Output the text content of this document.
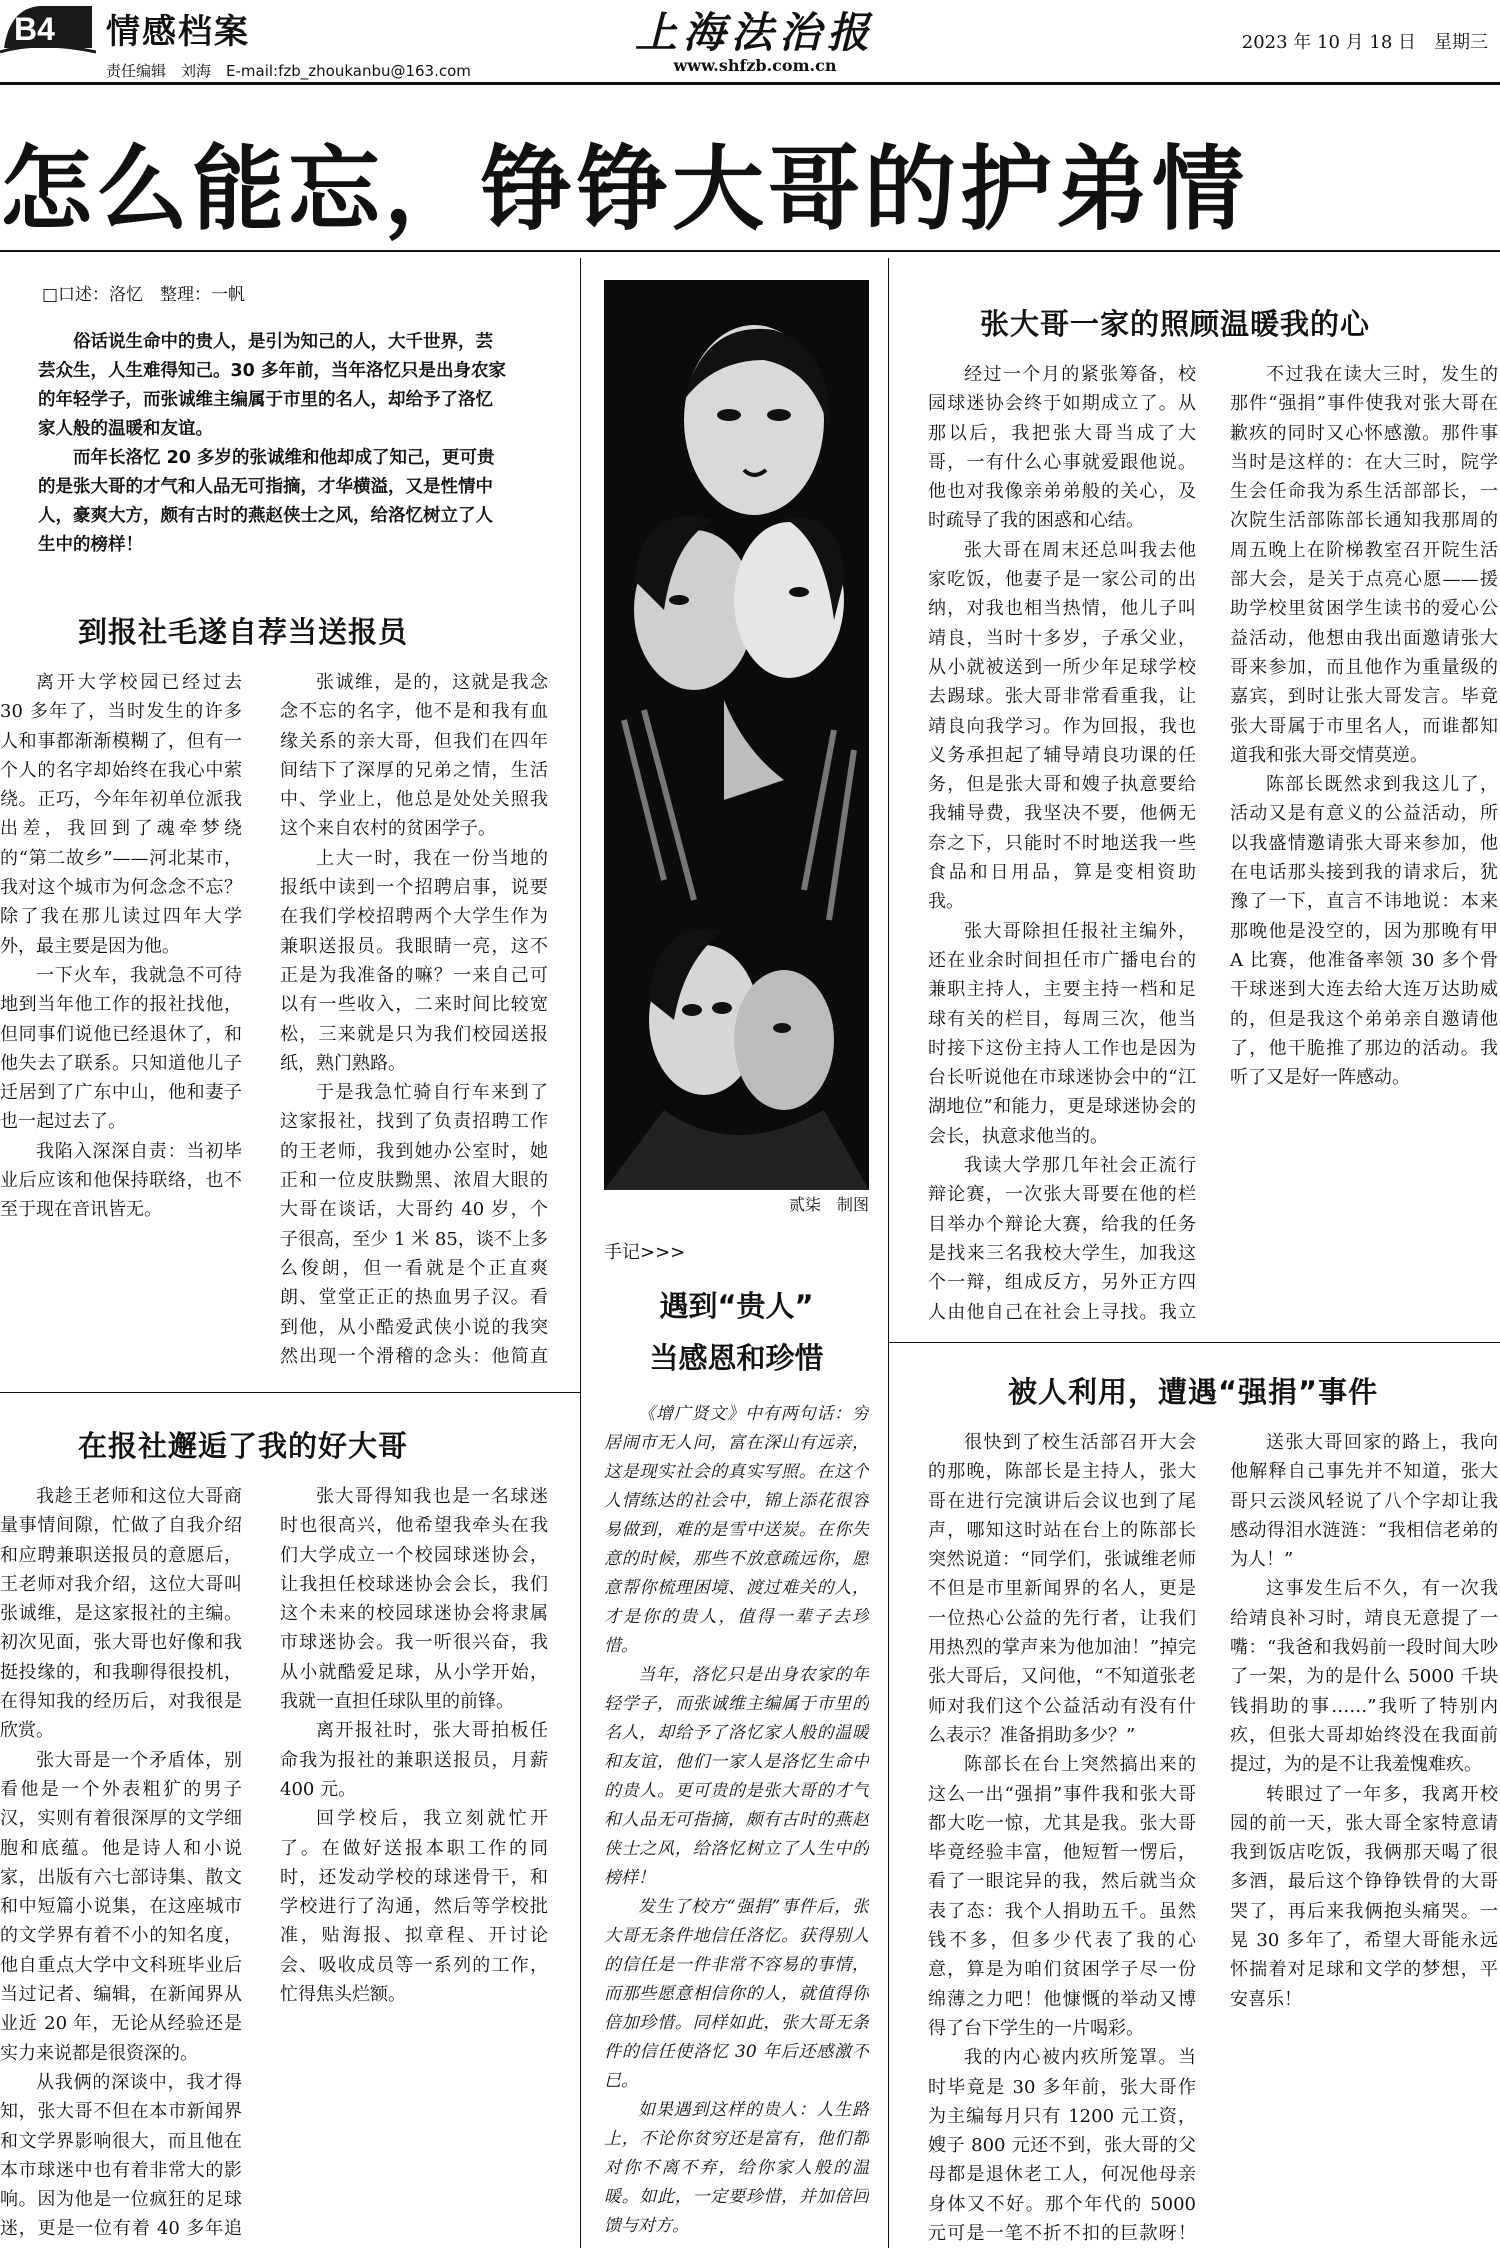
B4 情感档案
责任编辑　刘海　E-mail:fzb_zhoukanbu@163.com
上海法治报
www.shfzb.com.cn
2023 年 10 月 18 日　星期三
怎么能忘，铮铮大哥的护弟情
□口述：洛忆　整理：一帆

俗话说生命中的贵人，是引为知己的人，大千世界，芸芸众生，人生难得知己。30 多年前，当年洛忆只是出身农家的年轻学子，而张诚维主编属于市里的名人，却给予了洛忆家人般的温暖和友谊。

而年长洛忆 20 多岁的张诚维和他却成了知己，更可贵的是张大哥的才气和人品无可指摘，才华横溢，又是性情中人，豪爽大方，颇有古时的燕赵侠士之风，给洛忆树立了人生中的榜样！

到报社毛遂自荐当送报员

离开大学校园已经过去 30 多年了，当时发生的许多人和事都渐渐模糊了，但有一个人的名字却始终在我心中萦绕。正巧，今年年初单位派我出差，我回到了魂牵梦绕的“第二故乡”——河北某市，我对这个城市为何念念不忘？除了我在那儿读过四年大学外，最主要是因为他。

一下火车，我就急不可待地到当年他工作的报社找他，但同事们说他已经退休了，和他失去了联系。只知道他儿子迁居到了广东中山，他和妻子也一起过去了。

我陷入深深自责：当初毕业后应该和他保持联络，也不至于现在音讯皆无。

张诚维，是的，这就是我念念不忘的名字，他不是和我有血缘关系的亲大哥，但我们在四年间结下了深厚的兄弟之情，生活中、学业上，他总是处处关照我这个来自农村的贫困学子。

上大一时，我在一份当地的报纸中读到一个招聘启事，说要在我们学校招聘两个大学生作为兼职送报员。我眼睛一亮，这不正是为我准备的嘛？一来自己可以有一些收入，二来时间比较宽松，三来就是只为我们校园送报纸，熟门熟路。

于是我急忙骑自行车来到了这家报社，找到了负责招聘工作的王老师，我到她办公室时，她正和一位皮肤黝黑、浓眉大眼的大哥在谈话，大哥约 40 岁，个子很高，至少 1 米 85，谈不上多么俊朗，但一看就是个正直爽朗、堂堂正正的热血男子汉。看到他，从小酷爱武侠小说的我突然出现一个滑稽的念头：他简直

在报社邂逅了我的好大哥

我趁王老师和这位大哥商量事情间隙，忙做了自我介绍和应聘兼职送报员的意愿后，王老师对我介绍，这位大哥叫张诚维，是这家报社的主编。初次见面，张大哥也好像和我挺投缘的，和我聊得很投机，在得知我的经历后，对我很是欣赏。

张大哥是一个矛盾体，别看他是一个外表粗犷的男子汉，实则有着很深厚的文学细胞和底蕴。他是诗人和小说家，出版有六七部诗集、散文和中短篇小说集，在这座城市的文学界有着不小的知名度，他自重点大学中文科班毕业后当过记者、编辑，在新闻界从业近 20 年，无论从经验还是实力来说都是很资深的。

从我俩的深谈中，我才得知，张大哥不但在本市新闻界和文学界影响很大，而且他在本市球迷中也有着非常大的影响。因为他是一位疯狂的足球迷，更是一位有着 40 多年追

张大哥得知我也是一名球迷时也很高兴，他希望我牵头在我们大学成立一个校园球迷协会，让我担任校球迷协会会长，我们这个未来的校园球迷协会将隶属市球迷协会。我一听很兴奋，我从小就酷爱足球，从小学开始，我就一直担任球队里的前锋。

离开报社时，张大哥拍板任命我为报社的兼职送报员，月薪 400 元。

回学校后，我立刻就忙开了。在做好送报本职工作的同时，还发动学校的球迷骨干，和学校进行了沟通，然后等学校批准，贴海报、拟章程、开讨论会、吸收成员等一系列的工作，忙得焦头烂额。

贰柒　制图
手记>>>
遇到“贵人”
当感恩和珍惜

《增广贤文》中有两句话：穷居闹市无人问，富在深山有远亲，这是现实社会的真实写照。在这个人情练达的社会中，锦上添花很容易做到，难的是雪中送炭。在你失意的时候，那些不放意疏远你，愿意帮你梳理困境、渡过难关的人，才是你的贵人，值得一辈子去珍惜。

当年，洛忆只是出身农家的年轻学子，而张诚维主编属于市里的名人，却给予了洛忆家人般的温暖和友谊，他们一家人是洛忆生命中的贵人。更可贵的是张大哥的才气和人品无可指摘，颇有古时的燕赵侠士之风，给洛忆树立了人生中的榜样！

发生了校方“强捐”事件后，张大哥无条件地信任洛忆。获得别人的信任是一件非常不容易的事情，而那些愿意相信你的人，就值得你倍加珍惜。同样如此，张大哥无条件的信任使洛忆 30 年后还感激不已。

如果遇到这样的贵人：人生路上，不论你贫穷还是富有，他们都对你不离不弃，给你家人般的温暖。如此，一定要珍惜，并加倍回馈与对方。

张大哥一家的照顾温暖我的心

经过一个月的紧张筹备，校园球迷协会终于如期成立了。从那以后，我把张大哥当成了大哥，一有什么心事就爱跟他说。他也对我像亲弟弟般的关心，及时疏导了我的困惑和心结。

张大哥在周末还总叫我去他家吃饭，他妻子是一家公司的出纳，对我也相当热情，他儿子叫靖良，当时十多岁，子承父业，从小就被送到一所少年足球学校去踢球。张大哥非常看重我，让靖良向我学习。作为回报，我也义务承担起了辅导靖良功课的任务，但是张大哥和嫂子执意要给我辅导费，我坚决不要，他俩无奈之下，只能时不时地送我一些食品和日用品，算是变相资助我。

张大哥除担任报社主编外，还在业余时间担任市广播电台的兼职主持人，主要主持一档和足球有关的栏目，每周三次，他当时接下这份主持人工作也是因为台长听说他在市球迷协会中的“江湖地位”和能力，更是球迷协会的会长，执意求他当的。

我读大学那几年社会正流行辩论赛，一次张大哥要在他的栏目举办个辩论大赛，给我的任务是找来三名我校大学生，加我这个一辩，组成反方，另外正方四人由他自己在社会上寻找。我立

不过我在读大三时，发生的那件“强捐”事件使我对张大哥在歉疚的同时又心怀感激。那件事当时是这样的：在大三时，院学生会任命我为系生活部部长，一次院生活部陈部长通知我那周的周五晚上在阶梯教室召开院生活部大会，是关于点亮心愿——援助学校里贫困学生读书的爱心公益活动，他想由我出面邀请张大哥来参加，而且他作为重量级的嘉宾，到时让张大哥发言。毕竟张大哥属于市里名人，而谁都知道我和张大哥交情莫逆。

陈部长既然求到我这儿了，活动又是有意义的公益活动，所以我盛情邀请张大哥来参加，他在电话那头接到我的请求后，犹豫了一下，直言不讳地说：本来那晚他是没空的，因为那晚有甲 A 比赛，他准备率领 30 多个骨干球迷到大连去给大连万达助威的，但是我这个弟弟亲自邀请他了，他干脆推了那边的活动。我听了又是好一阵感动。

被人利用，遭遇“强捐”事件

很快到了校生活部召开大会的那晚，陈部长是主持人，张大哥在进行完演讲后会议也到了尾声，哪知这时站在台上的陈部长突然说道：“同学们，张诚维老师不但是市里新闻界的名人，更是一位热心公益的先行者，让我们用热烈的掌声来为他加油！”掉完张大哥后，又问他，“不知道张老师对我们这个公益活动有没有什么表示？准备捐助多少？”

陈部长在台上突然搞出来的这么一出“强捐”事件我和张大哥都大吃一惊，尤其是我。张大哥毕竟经验丰富，他短暂一愣后，看了一眼诧异的我，然后就当众表了态：我个人捐助五千。虽然钱不多，但多少代表了我的心意，算是为咱们贫困学子尽一份绵薄之力吧！他慷慨的举动又博得了台下学生的一片喝彩。

我的内心被内疚所笼罩。当时毕竟是 30 多年前，张大哥作为主编每月只有 1200 元工资，嫂子 800 元还不到，张大哥的父母都是退休老工人，何况他母亲身体又不好。那个年代的 5000 元可是一笔不折不扣的巨款呀！

送张大哥回家的路上，我向他解释自己事先并不知道，张大哥只云淡风轻说了八个字却让我感动得泪水涟涟：“我相信老弟的为人！”

这事发生后不久，有一次我给靖良补习时，靖良无意提了一嘴：“我爸和我妈前一段时间大吵了一架，为的是什么 5000 千块钱捐助的事……”我听了特别内疚，但张大哥却始终没在我面前提过，为的是不让我羞愧难疚。

转眼过了一年多，我离开校园的前一天，张大哥全家特意请我到饭店吃饭，我俩那天喝了很多酒，最后这个铮铮铁骨的大哥哭了，再后来我俩抱头痛哭。一晃 30 多年了，希望大哥能永远怀揣着对足球和文学的梦想，平安喜乐！
